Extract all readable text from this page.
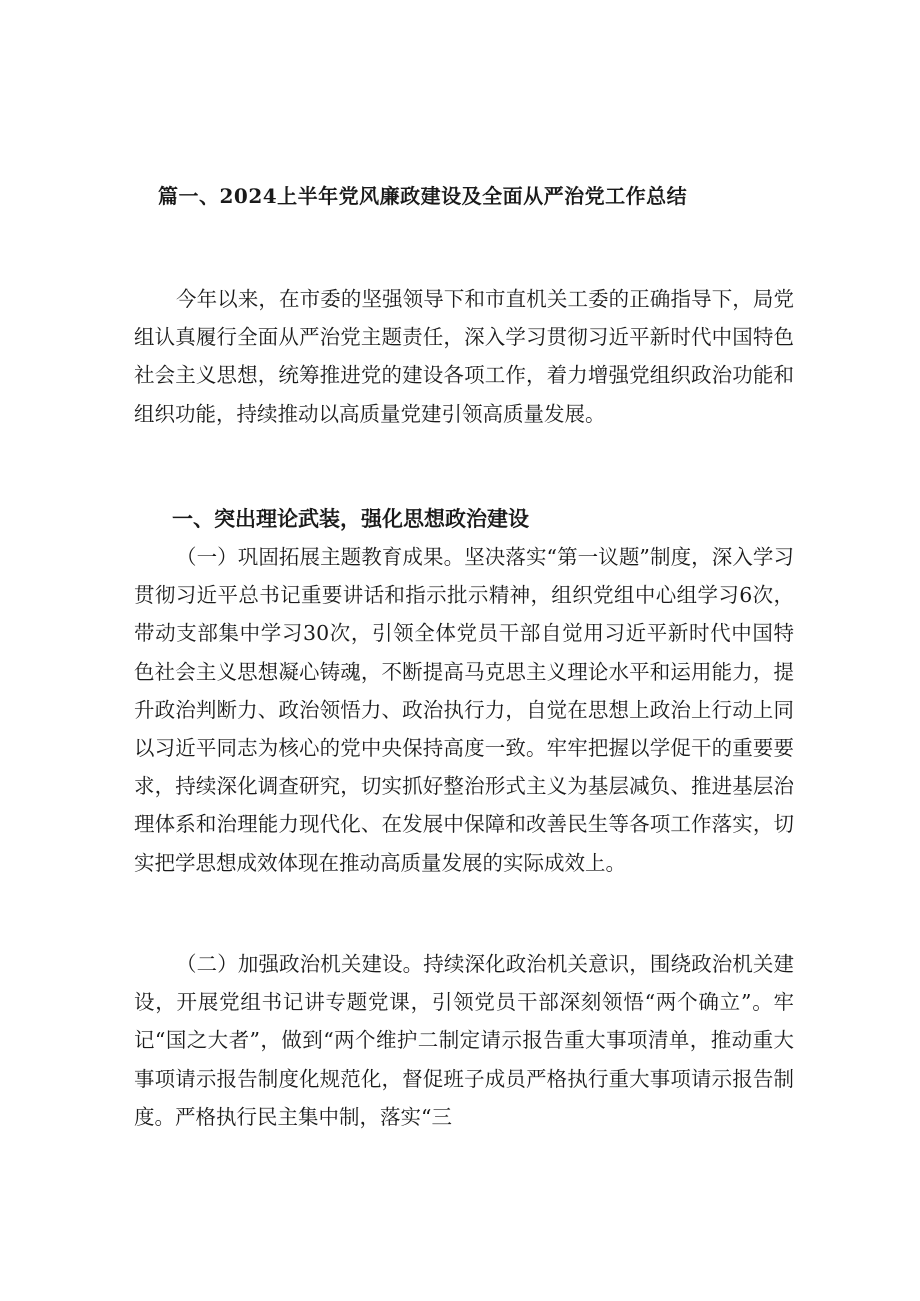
篇一、2024上半年党风廉政建设及全面从严治党工作总结

今年以来，在市委的坚强领导下和市直机关工委的正确指导下，局党组认真履行全面从严治党主题责任，深入学习贯彻习近平新时代中国特色社会主义思想，统筹推进党的建设各项工作，着力增强党组织政治功能和组织功能，持续推动以高质量党建引领高质量发展。

一、突出理论武装，强化思想政治建设

（一）巩固拓展主题教育成果。坚决落实“第一议题”制度，深入学习贯彻习近平总书记重要讲话和指示批示精神，组织党组中心组学习6次，带动支部集中学习30次，引领全体党员干部自觉用习近平新时代中国特色社会主义思想凝心铸魂，不断提高马克思主义理论水平和运用能力，提升政治判断力、政治领悟力、政治执行力，自觉在思想上政治上行动上同以习近平同志为核心的党中央保持高度一致。牢牢把握以学促干的重要要求，持续深化调查研究，切实抓好整治形式主义为基层减负、推进基层治理体系和治理能力现代化、在发展中保障和改善民生等各项工作落实，切实把学思想成效体现在推动高质量发展的实际成效上。

（二）加强政治机关建设。持续深化政治机关意识，围绕政治机关建设，开展党组书记讲专题党课，引领党员干部深刻领悟“两个确立”。牢记“国之大者”，做到“两个维护二制定请示报告重大事项清单，推动重大事项请示报告制度化规范化，督促班子成员严格执行重大事项请示报告制度。严格执行民主集中制，落实“三
